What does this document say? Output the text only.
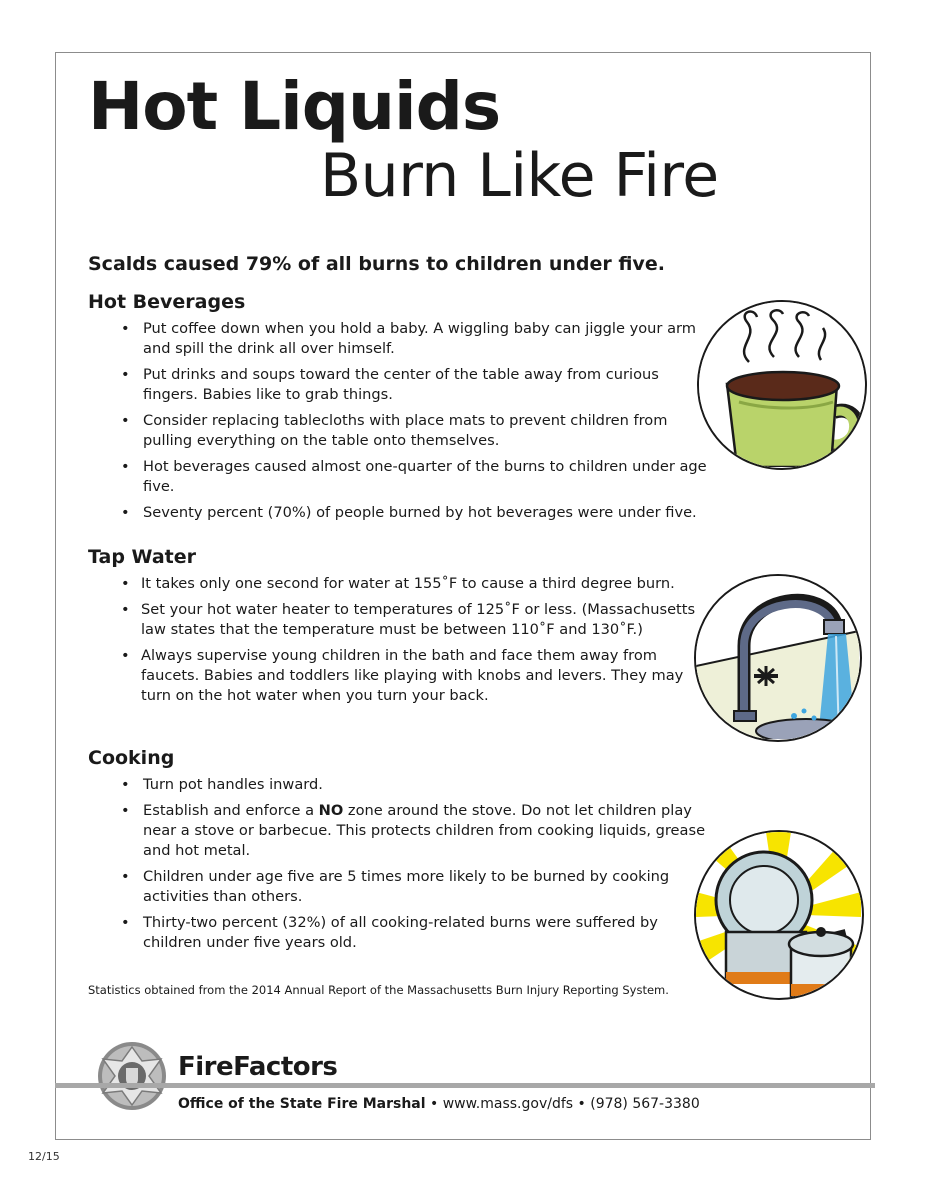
Hot Liquids
Burn Like Fire
Scalds caused 79% of all burns to children under five.
Hot Beverages
• Put coffee down when you hold a baby. A wiggling baby can jiggle your arm and spill the drink all over himself.
• Put drinks and soups toward the center of the table away from curious fingers. Babies like to grab things.
• Consider replacing tablecloths with place mats to prevent children from pulling everything on the table onto themselves.
• Hot beverages caused almost one-quarter of the burns to children under age five.
• Seventy percent (70%) of people burned by hot beverages were under five.
Tap Water
• It takes only one second for water at 155˚F to cause a third degree burn.
• Set your hot water heater to temperatures of 125˚F or less. (Massachusetts law states that the temperature must be between 110˚F and 130˚F.)
• Always supervise young children in the bath and face them away from faucets. Babies and toddlers like playing with knobs and levers. They may turn on the hot water when you turn your back.
Cooking
• Turn pot handles inward.
• Establish and enforce a NO zone around the stove. Do not let children play near a stove or barbecue. This protects children from cooking liquids, grease and hot metal.
• Children under age five are 5 times more likely to be burned by cooking activities than others.
• Thirty-two percent (32%) of all cooking-related burns were suffered by children under five years old.
Statistics obtained from the 2014 Annual Report of the Massachusetts Burn Injury Reporting System.
FireFactors
Office of the State Fire Marshal • www.mass.gov/dfs • (978) 567-3380
12/15
